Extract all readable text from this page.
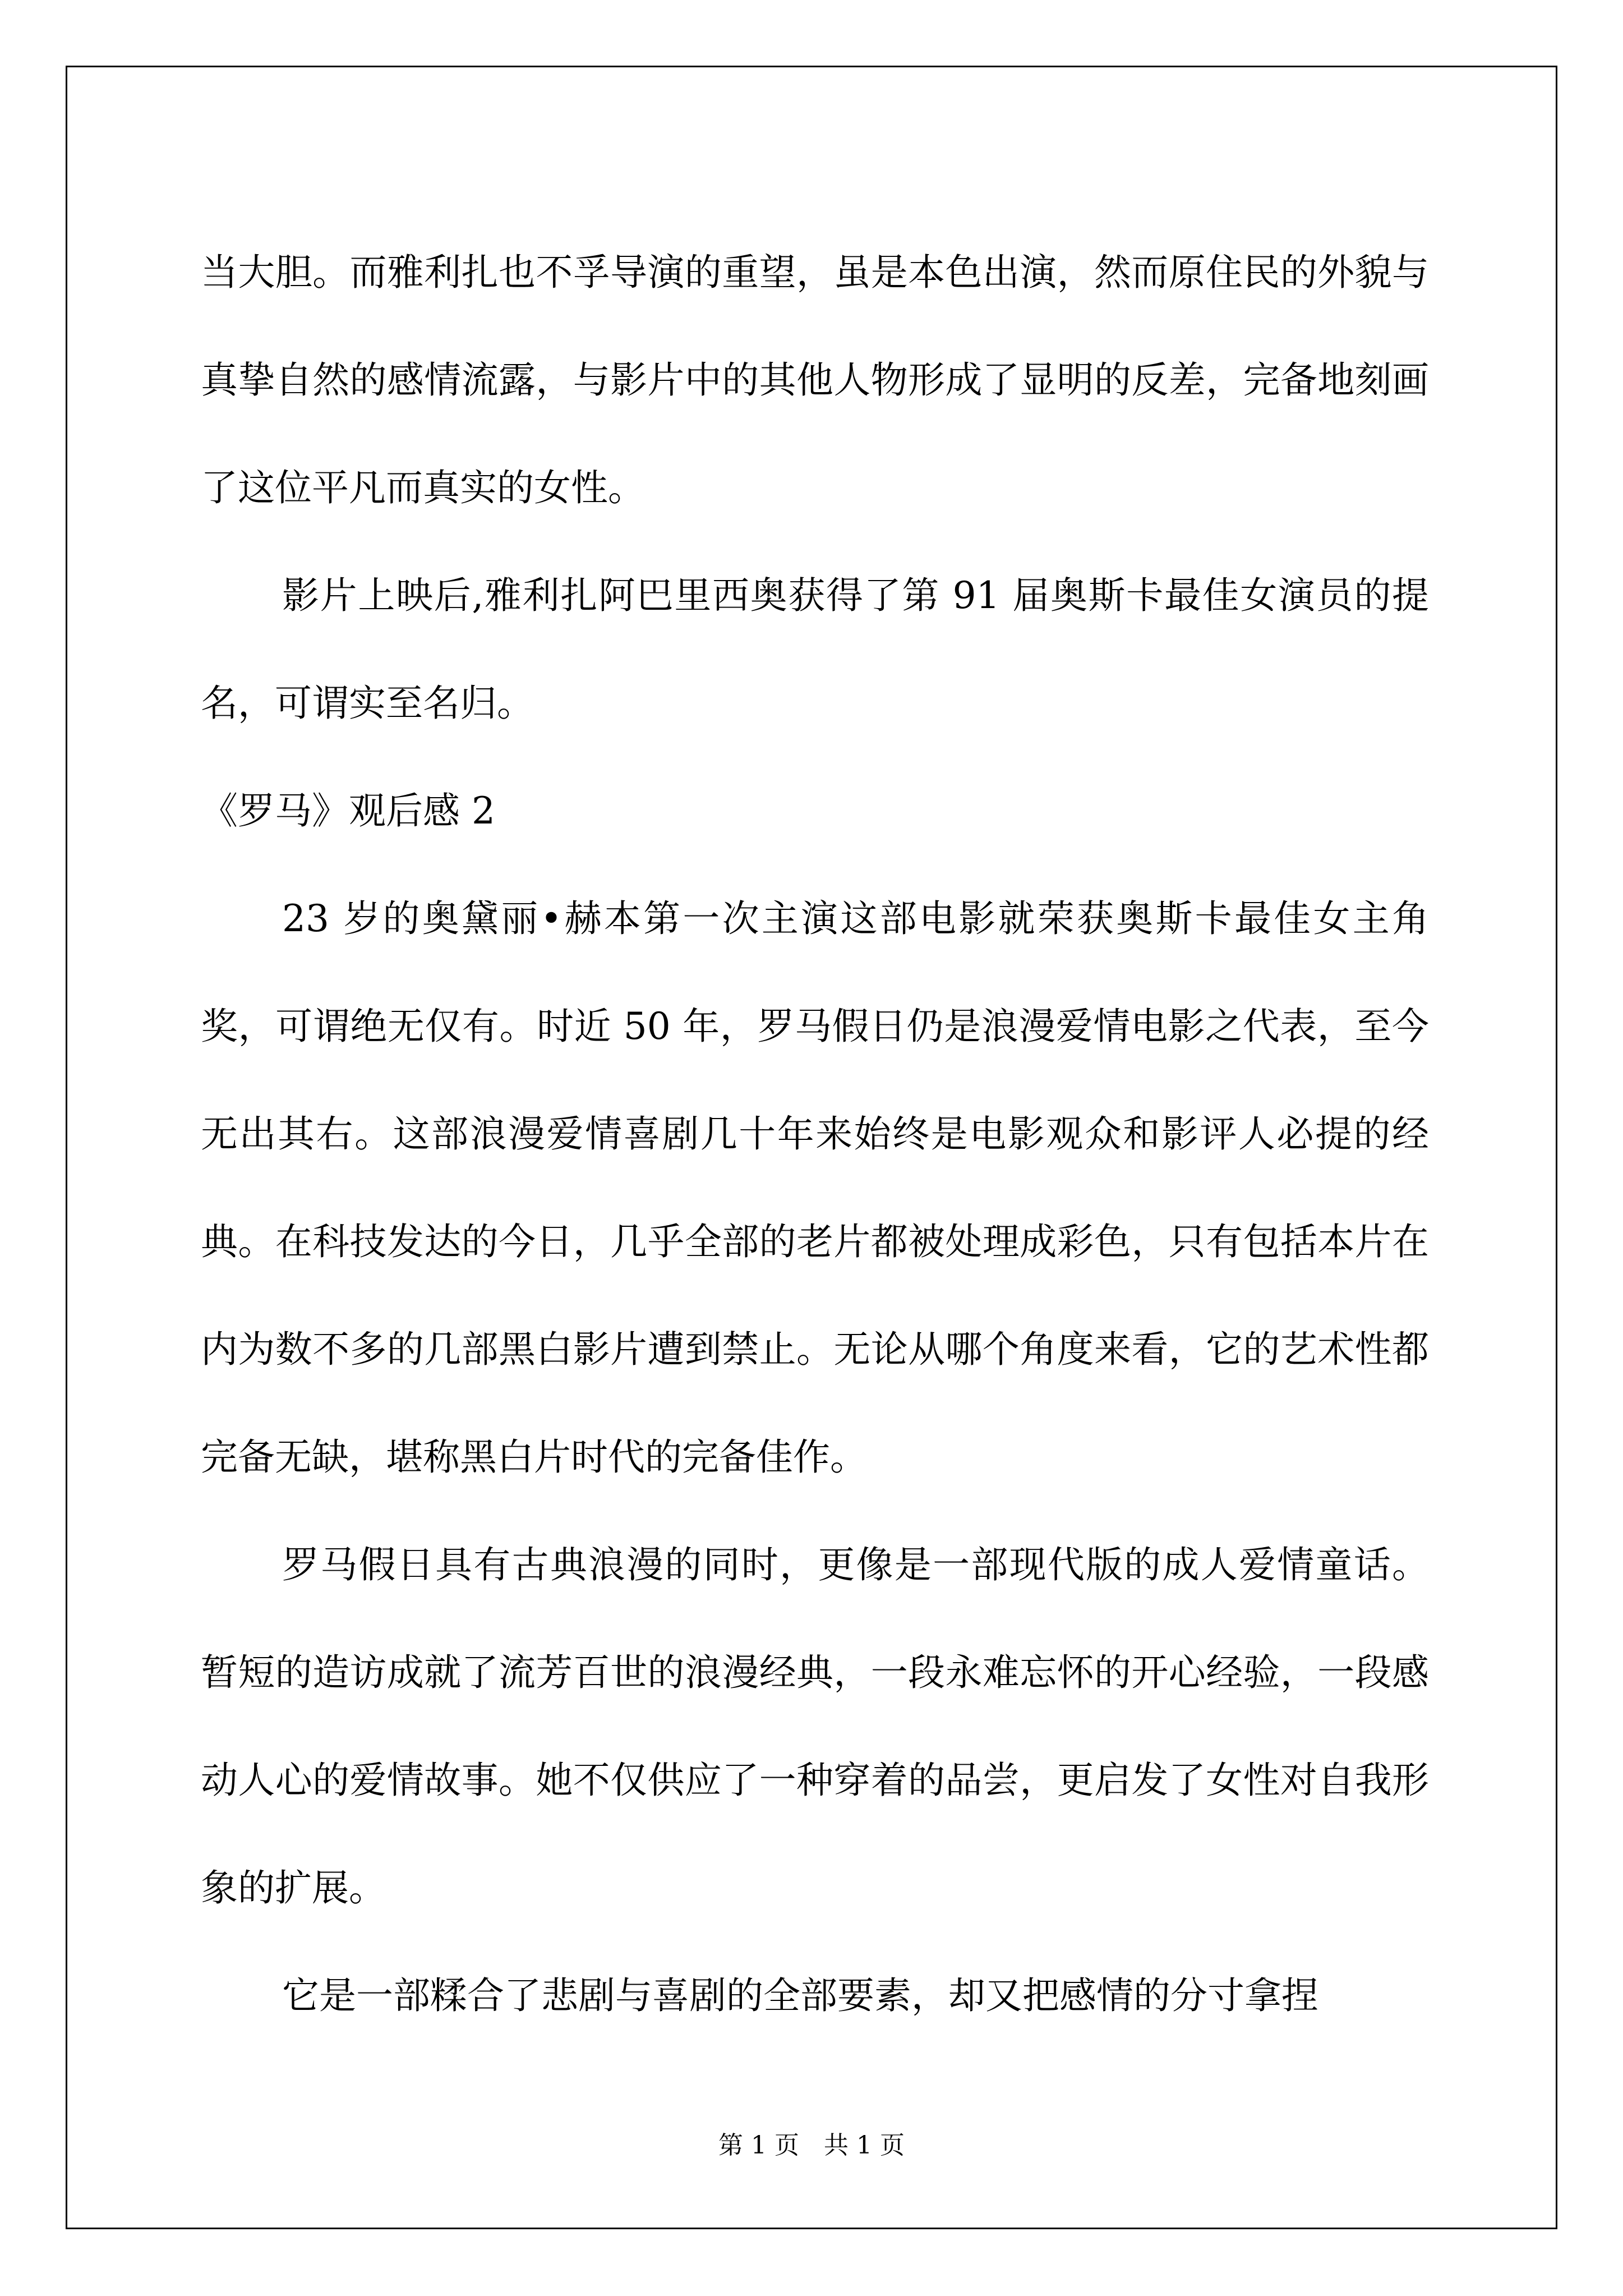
当大胆。而雅利扎也不孚导演的重望，虽是本色出演，然而原住民的外貌与真挚自然的感情流露，与影片中的其他人物形成了显明的反差，完备地刻画了这位平凡而真实的女性。

影片上映后,雅利扎阿巴里西奥获得了第 91 届奥斯卡最佳女演员的提名，可谓实至名归。

《罗马》观后感 2

23 岁的奥黛丽•赫本第一次主演这部电影就荣获奥斯卡最佳女主角奖，可谓绝无仅有。时近 50 年，罗马假日仍是浪漫爱情电影之代表，至今无出其右。这部浪漫爱情喜剧几十年来始终是电影观众和影评人必提的经典。在科技发达的今日，几乎全部的老片都被处理成彩色，只有包括本片在内为数不多的几部黑白影片遭到禁止。无论从哪个角度来看，它的艺术性都完备无缺，堪称黑白片时代的完备佳作。

罗马假日具有古典浪漫的同时，更像是一部现代版的成人爱情童话。暂短的造访成就了流芳百世的浪漫经典，一段永难忘怀的开心经验，一段感动人心的爱情故事。她不仅供应了一种穿着的品尝，更启发了女性对自我形象的扩展。

它是一部糅合了悲剧与喜剧的全部要素，却又把感情的分寸拿捏

第 1 页　共 1 页
